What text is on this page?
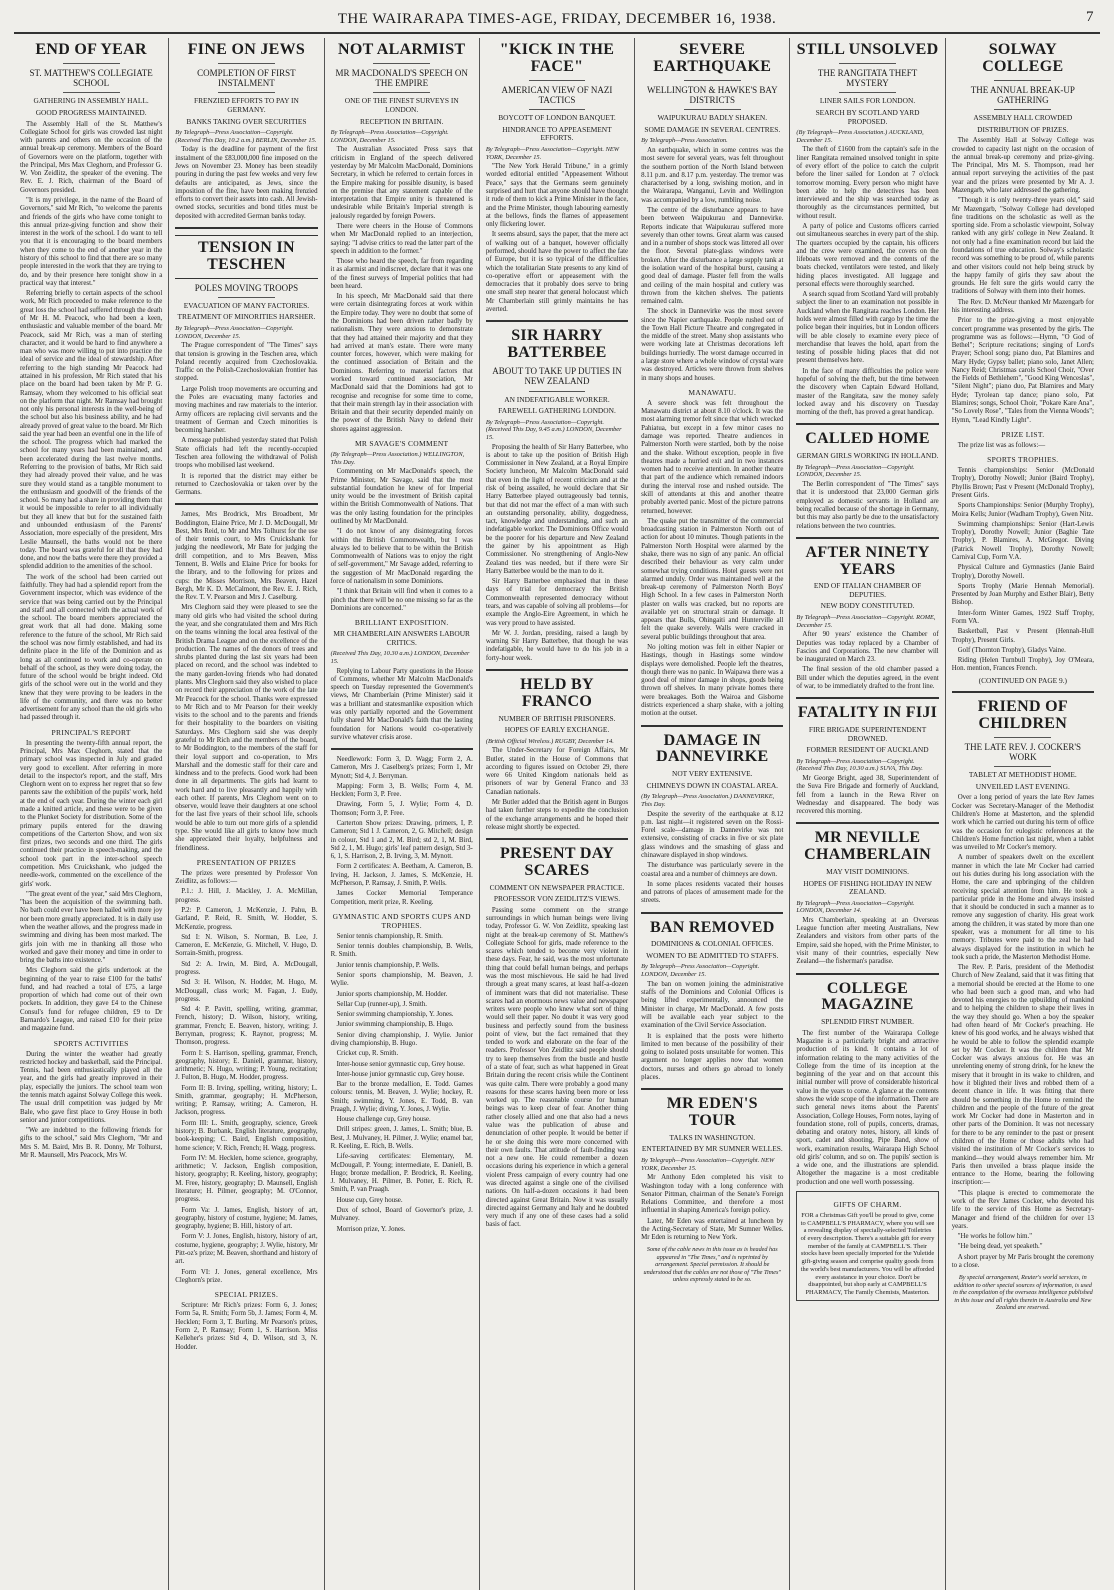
THE WAIRARAPA TIMES-AGE, FRIDAY, DECEMBER 16, 1938.	7
END OF YEAR
ST. MATTHEW'S COLLEGIATE SCHOOL
GATHERING IN ASSEMBLY HALL.
GOOD PROGRESS MAINTAINED.

The Assembly Hall of the St. Matthew's Collegiate School for girls was crowded last night with parents and others on the occasion of the annual break-up ceremony. Members of the Board of Governors were on the platform, together with the Principal, Mrs Max Cleghorn, and Professor G. W. Von Zeidlitz, the speaker of the evening. The Rev. E. J. Rich, chairman of the Board of Governors presided.

"It is my privilege, in the name of the Board of Governors," said Mr Rich, "to welcome the parents and friends of the girls who have come tonight to this annual prize-giving function and show their interest in the work of the school. I do want to tell you that it is encouraging to the board members when they come to the end of another year in the history of this school to find that there are so many people interested in the work that they are trying to do, and by their presence here tonight show in a practical way that interest."

Referring briefly to certain aspects of the school work, Mr Rich proceeded to make reference to the great loss the school had suffered through the death of Mr H. M. Peacock, who had been a keen, enthusiastic and valuable member of the board. Mr Peacock, said Mr Rich, was a man of sterling character, and it would be hard to find anywhere a man who was more willing to put into practice the ideal of service and the ideal of stewardship. After referring to the high standing Mr Peacock had attained in his profession, Mr Rich stated that his place on the board had been taken by Mr P. G. Ramsay, whom they welcomed to his official seat on the platform that night. Mr Ramsay had brought not only his personal interests in the well-being of the school but also his business ability, and he had already proved of great value to the board. Mr Rich said the year had been an eventful one in the life of the school. The progress which had marked the school for many years had been maintained, and been accelerated during the last twelve months. Referring to the provision of baths, Mr Rich said they had already proved their value, and he was sure they would stand as a tangible monument to the enthusiasm and goodwill of the friends of the school. So many had a share in providing them that it would be impossible to refer to all individually but they all knew that but for the sustained faith and unbounded enthusiasm of the Parents' Association, more especially of the president, Mrs Leslie Maunsell, the baths would not be there today. The board was grateful for all that they had done, and now the baths were there they provided a splendid addition to the amenities of the school.

The work of the school had been carried out faithfully. They had had a splendid report from the Government inspector, which was evidence of the service that was being carried out by the Principal and staff and all connected with the actual work of the school. The board members appreciated the great work that all had done. Making some reference to the future of the school, Mr Rich said the school was now firmly established, and had its definite place in the life of the Dominion and as long as all continued to work and co-operate on behalf of the school, as they were doing today, the future of the school would be bright indeed. Old girls of the school were out in the world and they knew that they were proving to be leaders in the life of the community, and there was no better advertisement for any school than the old girls who had passed through it.

PRINCIPAL'S REPORT

In presenting the twenty-fifth annual report, the Principal, Mrs Max Cleghorn, stated that the primary school was inspected in July and graded very good to excellent. After referring in more detail to the inspector's report, and the staff, Mrs Cleghorn went on to express her regret that so few parents saw the exhibition of the pupils' work, held at the end of each year. During the winter each girl made a knitted article, and these were to be given to the Plunket Society for distribution. Some of the primary pupils entered for the drawing competitions of the Carterton Show, and won six first prizes, two seconds and one third. The girls continued their practice in speech-making, and the school took part in the inter-school speech competition. Mrs Cruickshank, who judged the needle-work, commented on the excellence of the girls' work.

"The great event of the year," said Mrs Cleghorn, "has been the acquisition of the swimming bath. No bath could ever have been hailed with more joy nor been more greatly appreciated. It is in daily use when the weather allows, and the progress made in swimming and diving has been most marked. The girls join with me in thanking all those who worked and gave their money and time in order to bring the baths into existence."

Mrs Cleghorn said the girls undertook at the beginning of the year to raise £100 for the baths' fund, and had reached a total of £75, a large proportion of which had come out of their own pockets. In addition, they gave £4 to the Chinese Consul's fund for refugee children, £9 to Dr Barnardo's League, and raised £10 for their prize and magazine fund.

SPORTS ACTIVITIES

During the winter the weather had greatly restricted hockey and basketball, said the Principal. Tennis, had been enthusiastically played all the year, and the girls had greatly improved in their play, especially the juniors. The school team won the tennis match against Solway College this week. The usual drill competition was judged by Mr Bale, who gave first place to Grey House in both senior and junior competitions.

"We are indebted to the following friends for gifts to the school," said Mrs Cleghorn, "Mr and Mrs S. M. Baird, Mrs B. R. Donny, Mr Tolhurst, Mr R. Maunsell, Mrs Peacock, Mrs W.

FINE ON JEWS
COMPLETION OF FIRST INSTALMENT
FRENZIED EFFORTS TO PAY IN GERMANY.
BANKS TAKING OVER SECURITIES
By Telegraph—Press Association—Copyright. (Received This Day, 10.2 a.m.) BERLIN, December 15.

Today is the deadline for payment of the first instalment of the £83,000,000 fine imposed on the Jews on November 23. Money has been steadily pouring in during the past few weeks and very few defaults are anticipated, as Jews, since the imposition of the fine, have been making frenzied efforts to convert their assets into cash. All Jewish-owned stocks, securities and bond titles must be deposited with accredited German banks today.

TENSION IN TESCHEN
POLES MOVING TROOPS
EVACUATION OF MANY FACTORIES.
TREATMENT OF MINORITIES HARSHER.
By Telegraph—Press Association—Copyright. LONDON, December 15.

The Prague correspondent of "The Times" says that tension is growing in the Teschen area, which Poland recently acquired from Czechoslovakia. Traffic on the Polish-Czechoslovakian frontier has stopped.

Large Polish troop movements are occurring and the Poles are evacuating many factories and moving machines and raw materials to the interior. Army officers are replacing civil servants and the treatment of German and Czech minorities is becoming harsher.

A message published yesterday stated that Polish State officials had left the recently-occupied Teschen area following the withdrawal of Polish troops who mobilised last weekend.

It is reported that the district may either be returned to Czechoslovakia or taken over by the Germans.

James, Mrs Brodrick, Mrs Broadbent, Mr Boddington, Elaine Price, Mr J. D. McDougall, Mr Best, Mrs Reid, to Mr and Mrs Tolhurst for the use of their tennis court, to Mrs Cruickshank for judging the needlework, Mr Bate for judging the drill competition, and to Mrs Beaven, Miss Tennent, B. Wells and Elaine Price for books for the library, and to the following for prizes and cups: the Misses Morrison, Mrs Beaven, Hazel Bergh, Mr K. D. McCalmont, the Rev. E. J. Rich, the Rev. T. V. Pearson and Mrs J. Caselburg.

Mrs Cleghorn said they were pleased to see the many old girls who had visited the school during the year, and she congratulated them and Mrs Rich on the teams winning the local area festival of the British Drama League and on the excellence of the production. The names of the donors of trees and shrubs planted during the last six years had been placed on record, and the school was indebted to the many garden-loving friends who had donated plants. Mrs Cleghorn said they also wished to place on record their appreciation of the work of the late Mr Peacock for the school. Thanks were expressed to Mr Rich and to Mr Pearson for their weekly visits to the school and to the parents and friends for their hospitality to the boarders on visiting Saturdays. Mrs Cleghorn said she was deeply grateful to Mr Rich and the members of the board, to Mr Boddington, to the members of the staff for their loyal support and co-operation, to Mrs Marshall and the domestic staff for their care and kindness and to the prefects. Good work had been done in all departments. The girls had learnt to work hard and to live pleasantly and happily with each other. If parents, Mrs Cleghorn went on to observe, would leave their daughters at one school for the last five years of their school life, schools would be able to turn out more girls of a splendid type. She would like all girls to know how much she appreciated their loyalty, helpfulness and friendliness.

PRESENTATION OF PRIZES

The prizes were presented by Professor Von Zeidlitz, as follows:—

P.1.: J. Hill, J. Mackley, J. A. McMillan, progress.

P.2: P. Cameron, J. McKenzie, J. Pahu, B. Garland, P. Reid, R. Smith, W. Hodder, S. McKenzie, progress.

Std I: N. Wilson, S. Norman, B. Lee, J. Cameron, E. McKenzie, G. Mitchell, V. Hugo, D. Sorrain-Smith, progress.

Std 2: A. Irwin, M. Bird, A. McDougall, progress.

Std 3: H. Wilson, N. Hodder, M. Hugo, M. McDougall, class work; M. Fagan, J. Eudy, progress.

Std 4: P. Pavitt, spelling, writing, grammar, French, history; D. Wilson, history, writing, grammar, French; E. Beaven, history, writing; J. Berryman, progress; K. Raynor, progress; M. Thomson, progress.

Form I: S. Harrison, spelling, grammar, French, geography, history; E. Daniell, grammar, history, arithmetic; N. Hugo, writing; P. Young, recitation; J. Fulton, B. Hugo, M. Hodder, progress.

Form II: B. Irving, spelling, writing, history; L. Smith, grammar, geography; H. McPherson, writing; P. Ramsay, writing; A. Cameron, H. Jackson, progress.

Form III: L. Smith, geography, science, Greek history; B. Burbank, English literature, geography, book-keeping; C. Baird, English composition, home science; V. Rich, French; H. Wagg, progress.

Form IV: M. Hecklen, home science, geography, arithmetic; V. Jackson, English composition, history, geography; R. Keeling, history, geography; M. Free, history, geography; D. Maunsell, English literature; H. Pilmer, geography; M. O'Connor, progress.

Form Va: J. James, English, history of art, geography, history of costume, hygiene; M. James, geography, hygiene; B. Hill, history of art.

Form V: J. Jones, English, history, history of art, costume, hygiene, geography; J. Wylie, history, Mr Pitt-oz's prize; M. Beaven, shorthand and history of art.

Form VI: J. Jones, general excellence, Mrs Cleghorn's prize.

SPECIAL PRIZES.

Scripture: Mr Rich's prizes: Form 6, J. Jones; Form 5a, R. Smith; Form 5b, J. James; Form 4, M. Hecklen; Form 3, T. Burling. Mr Pearson's prizes, Form 2, P. Ramsay; Form 1, S. Harrison. Miss Kelleher's prizes: Std 4, D. Wilson, std 3, N. Hodder.

NOT ALARMIST
MR MACDONALD'S SPEECH ON THE EMPIRE
ONE OF THE FINEST SURVEYS IN LONDON.
RECEPTION IN BRITAIN.
By Telegraph—Press Association—Copyright. LONDON, December 15.

The Australian Associated Press says that criticism in England of the speech delivered yesterday by Mr Malcolm MacDonald, Dominions Secretary, in which he referred to certain forces in the Empire making for possible disunity, is based on the premise that any statement capable of the interpretation that Empire unity is threatened is undesirable while Britain's Imperial strength is jealously regarded by foreign Powers.

There were cheers in the House of Commons when Mr MacDonald replied to an interjection, saying: "I advise critics to read the latter part of the speech in addition to the former."

Those who heard the speech, far from regarding it as alarmist and indiscreet, declare that it was one of the finest surveys of Imperial politics that had been heard.

In his speech, Mr MacDonald said that there were certain disintegrating forces at work within the Empire today. They were no doubt that some of the Dominions had been driven rather badly by nationalism. They were anxious to demonstrate that they had attained their majority and that they had arrived at man's estate. There were many counter forces, however, which were making for the continued association of Britain and the Dominions. Referring to material factors that worked toward continued association, Mr MacDonald said that the Dominions had got to recognise and recognise for some time to come, that their main strength lay in their association with Britain and that their security depended mainly on the power of the British Navy to defend their shores against aggression.

MR SAVAGE'S COMMENT
(By Telegraph—Press Association.) WELLINGTON, This Day.

Commenting on Mr MacDonald's speech, the Prime Minister, Mr Savage, said that the most substantial foundation he knew of for Imperial unity would be the investment of British capital within the British Commonwealth of Nations. That was the only lasting foundation for the principles outlined by Mr MacDonald.

"I do not know of any disintegrating forces within the British Commonwealth, but I was always led to believe that to be within the British Commonwealth of Nations was to enjoy the right of self-government," Mr Savage added, referring to the suggestion of Mr MacDonald regarding the force of nationalism in some Dominions.

"I think that Britain will find when it comes to a pinch that there will be no one missing so far as the Dominions are concerned."

BRILLIANT EXPOSITION.
MR CHAMBERLAIN ANSWERS LABOUR CRITICS.
(Received This Day, 10.30 a.m.) LONDON, December 15.

Replying to Labour Party questions in the House of Commons, whether Mr Malcolm MacDonald's speech on Tuesday represented the Government's views, Mr Chamberlain (Prime Minister) said it was a brilliant and statesmanlike exposition which was only partially reported and the Government fully shared Mr MacDonald's faith that the lasting foundation for Nations would co-operatively survive whatever crisis arose.

Needlework: Form 3, D. Wagg; Form 2, A. Cameron, Mrs J. Caselberg's prizes; Form 1, Mr Mynott; Std 4, J. Berryman.

Mapping: Form 3, B. Wells; Form 4, M. Hecklen; Form 3, P. Free.

Drawing, Form 5, J. Wylie; Form 4, D. Thomson; Form 3, P. Free.

Carterton Show prizes: Drawing, primers, I, P. Cameron; Std 1 J. Cameron, 2, G. Mitchell; design in colour, Std 1 and 2, M. Bird; std 2, 1, M. Bird, Std 2, 1, M. Hugo; girls' leaf pattern design, Std 3-6, 1, S. Harrison, 2, B. Irving, 3, M. Mynott.

Form 2 certificates: A. Beetham, A. Cameron, B. Irving, H. Jackson, J. James, S. McKenzie, H. McPherson, P. Ramsay, J. Smith, P. Wells.

James Cocker Memorial Temperance Competition, merit prize, R. Keeling.

GYMNASTIC AND SPORTS CUPS AND TROPHIES.

Senior tennis championship, R. Smith.

Senior tennis doubles championship, B. Wells, R. Smith.

Junior tennis championship, P. Wells.

Senior sports championship, M. Beaven, J. Wylie.

Junior sports championship, M. Hodder.

Sellar Cup (runner-up), J. Smith.

Senior swimming championship, Y. Jones.

Junior swimming championship, B. Hugo.

Senior diving championship, J. Wylie. Junior diving championship, B. Hugo.

Cricket cup, R. Smith.

Inter-house senior gymnastic cup, Grey house.

Inter-house junior gymnastic cup, Grey house.

Bar to the bronze medallion, E. Todd. Games colours: tennis, M. Beaven, J. Wylie; hockey, R. Smith; swimming, Y. Jones, E. Todd, B. van Praagh, J. Wylie; diving, Y. Jones, J. Wylie.

House challenge cup, Grey house.

Drill stripes: green, J. James, L. Smith; blue, B. Best, J. Mulvaney, H. Pilmer, J. Wylie; enamel bar, R. Keeling, E. Rich, B. Wells.

Life-saving certificates: Elementary, M. McDougall, P. Young; intermediate, E. Daniell, B. Hugo; bronze medallion, P. Brodrick, R. Keeling, J. Mulvaney, H. Pilmer, B. Potter, E. Rich, R. Smith, P. van Praagh.

House cup, Grey house.

Dux of school, Board of Governor's prize, J. Mulvaney.

Morrison prize, Y. Jones.

"KICK IN THE FACE"
AMERICAN VIEW OF NAZI TACTICS
BOYCOTT OF LONDON BANQUET.
HINDRANCE TO APPEASEMENT EFFORTS.
By Telegraph—Press Association—Copyright. NEW YORK, December 15.

"The New York Herald Tribune," in a grimly worded editorial entitled "Appeasement Without Peace," says that the Germans seem genuinely surprised and hurt that anyone should have thought it rude of them to kick a Prime Minister in the face, and the Prime Minister, though labouring earnestly at the bellows, finds the flames of appeasement only flickering lower.

It seems absurd, says the paper, that the mere act of walking out of a banquet, however officially performed, should have the power to affect the fate of Europe, but it is so typical of the difficulties which the totalitarian State presents to any kind of co-operative effort or appeasement with the democracies that it probably does serve to bring one small step nearer that general holocaust which Mr Chamberlain still grimly maintains he has averted.

SIR HARRY BATTERBEE
ABOUT TO TAKE UP DUTIES IN NEW ZEALAND
AN INDEFATIGABLE WORKER.
FAREWELL GATHERING LONDON.
By Telegraph—Press Association—Copyright. (Received This Day, 9.45 a.m.) LONDON, December 15.

Proposing the health of Sir Harry Batterbee, who is about to take up the position of British High Commissioner in New Zealand, at a Royal Empire Society luncheon, Mr Malcolm MacDonald said that even in the light of recent criticism and at the risk of being assailed, he would declare that Sir Harry Batterbee played outrageously bad tennis, but that did not mar the effect of a man with such an outstanding personality, ability, doggedness, tact, knowledge and understanding, and such an indefatigable worker. The Dominions Office would be the poorer for his departure and New Zealand the gainer by his appointment as High Commissioner. No strengthening of Anglo-New Zealand ties was needed, but if there were Sir Harry Batterbee would be the man to do it.

Sir Harry Batterbee emphasised that in these days of trial for democracy the British Commonwealth represented democracy without tears, and was capable of solving all problems—for example the Anglo-Eire Agreement, in which he was very proud to have assisted.

Mr W. J. Jordan, presiding, raised a laugh by warning Sir Harry Batterbee, that though he was indefatigable, he would have to do his job in a forty-hour week.

HELD BY FRANCO
NUMBER OF BRITISH PRISONERS.
HOPES OF EARLY EXCHANGE.
(British Official Wireless.) RUGBY, December 14.

The Under-Secretary for Foreign Affairs, Mr Butler, stated in the House of Commons that according to figures issued on October 29, there were 66 United Kingdom nationals held as prisoners of war by General Franco and 33 Canadian nationals.

Mr Butler added that the British agent in Burgos had taken further steps to expedite the conclusion of the exchange arrangements and he hoped their release might shortly be expected.

PRESENT DAY SCARES
COMMENT ON NEWSPAPER PRACTICE.
PROFESSOR VON ZEIDLITZ'S VIEWS.

Passing some comment on the strange surroundings in which human beings were living today, Professor G. W. Von Zeidlitz, speaking last night at the break-up ceremony of St. Matthew's Collegiate School for girls, made reference to the scares which tended to become very violent in these days. Fear, he said, was the most unfortunate thing that could befall human beings, and perhaps was the most mischievous. He said he had lived through a great many scares, at least half-a-dozen of imminent wars that did not materialise. These scares had an enormous news value and newspaper writers were people who knew what sort of thing would sell their paper. No doubt it was very good business and perfectly sound from the business point of view, but the fact remained that they tended to work and elaborate on the fear of the readers. Professor Von Zeidlitz said people should try to keep themselves from the bustle and hustle of a state of fear, such as what happened in Great Britain during the recent crisis while the Continent was quite calm. There were probably a good many reasons for these scares having been more or less worked up. The reasonable course for human beings was to keep clear of fear. Another thing rather closely allied and one that also had a news value was the publication of abuse and denunciation of other people. It would be better if he or she doing this were more concerned with their own faults. That attitude of fault-finding was not a new one. He could remember a dozen occasions during his experience in which a general violent Press campaign of every country had one was directed against a single one of the civilised nations. On half-a-dozen occasions it had been directed against Great Britain. Now it was usually directed against Germany and Italy and he doubted very much if any one of these cases had a solid basis of fact.

SEVERE EARTHQUAKE
WELLINGTON & HAWKE'S BAY DISTRICTS
WAIPUKURAU BADLY SHAKEN.
SOME DAMAGE IN SEVERAL CENTRES.
By Telegraph—Press Association.

An earthquake, which in some centres was the most severe for several years, was felt throughout the southern portion of the North Island between 8.11 p.m. and 8.17 p.m. yesterday. The tremor was characterised by a long, swishing motion, and in the Wairarapa, Wanganui, Levin and Wellington was accompanied by a low, rumbling noise.

The centre of the disturbance appears to have been between Waipukurau and Dannevirke. Reports indicate that Waipukurau suffered more severely than other towns. Great alarm was caused and in a number of shops stock was littered all over the floor. Several plate-glass windows were broken. After the disturbance a large supply tank at the isolation ward of the hospital burst, causing a good deal of damage. Plaster fell from the walls and ceiling of the main hospital and cutlery was thrown from the kitchen shelves. The patients remained calm.

The shock in Dannevirke was the most severe since the Napier earthquake. People rushed out of the Town Hall Picture Theatre and congregated in the middle of the street. Many shop assistants who were working late at Christmas decorations left buildings hurriedly. The worst damage occurred in a large store where a whole window of crystal ware was destroyed. Articles were thrown from shelves in many shops and houses.

MANAWATU.

A severe shock was felt throughout the Manawatu district at about 8.10 o'clock. It was the most alarming tremor felt since that which wrecked Pahiatua, but except in a few minor cases no damage was reported. Theatre audiences in Palmerston North were startled, both by the noise and the shake. Without exception, people in five theatres made a hurried exit and in two instances women had to receive attention. In another theatre that part of the audience which remained indoors during the interval rose and rushed outside. The skill of attendants at this and another theatre probably averted panic. Most of the picture patrons returned, however.

The quake put the transmitter of the commercial broadcasting station in Palmerston North out of action for about 10 minutes. Though patients in the Palmerston North Hospital were alarmed by the shake, there was no sign of any panic. An official described their behaviour as very calm under somewhat trying conditions. Hotel guests were not alarmed unduly. Order was maintained well at the break-up ceremony of Palmerston North Boys' High School. In a few cases in Palmerston North plaster on walls was cracked, but no reports are available yet on structural strain or damage. It appears that Bulls, Ohingaiti and Hunterville all felt the quake severely. Walls were cracked in several public buildings throughout that area.

No jolting motion was felt in either Napier or Hastings, though in Hastings some window displays were demolished. People left the theatres, though there was no panic. In Waipawa there was a good deal of minor damage in shops, goods being thrown off shelves. In many private homes there were breakages. Both the Wairoa and Gisborne districts experienced a sharp shake, with a jolting motion at the outset.

DAMAGE IN DANNEVIRKE
NOT VERY EXTENSIVE.
CHIMNEYS DOWN IN COASTAL AREA.
(By Telegraph—Press Association.) DANNEVIRKE, This Day.

Despite the severity of the earthquake at 8.12 p.m. last night—it registered seven on the Rossi-Forel scale—damage in Dannevirke was not extensive, consisting of cracks in five or six plate glass windows and the smashing of glass and chinaware displayed in shop windows.

The disturbance was particularly severe in the coastal area and a number of chimneys are down.

In some places residents vacated their houses and patrons of places of amusement made for the streets.

BAN REMOVED
DOMINIONS & COLONIAL OFFICES.
WOMEN TO BE ADMITTED TO STAFFS.
By Telegraph—Press Association—Copyright. LONDON, December 15.

The ban on women joining the administrative staffs of the Dominions and Colonial Offices is being lifted experimentally, announced the Minister in charge, Mr MacDonald. A few posts will be available each year subject to the examination of the Civil Service Association.

It is explained that the posts were hitherto limited to men because of the possibility of their going to isolated posts unsuitable for women. This argument no longer applies now that women doctors, nurses and others go abroad to lonely places.

MR EDEN'S TOUR
TALKS IN WASHINGTON.
ENTERTAINED BY MR SUMNER WELLES.
By Telegraph—Press Association—Copyright. NEW YORK, December 15.

Mr Anthony Eden completed his visit to Washington today with a long conference with Senator Pittman, chairman of the Senate's Foreign Relations Committee, and therefore a most influential in shaping America's foreign policy.

Later, Mr Eden was entertained at luncheon by the Acting-Secretary of State, Mr Sumner Welles. Mr Eden is returning to New York.

Some of the cable news in this issue as is headed has appeared in "The Times," and is reprinted by arrangement. Special permission. It should be understood that the cables are not those of "The Times" unless expressly stated to be so.
STILL UNSOLVED
THE RANGITATA THEFT MYSTERY
LINER SAILS FOR LONDON.
SEARCH BY SCOTLAND YARD PROPOSED.
(By Telegraph—Press Association.) AUCKLAND, December 15.

The theft of £1600 from the captain's safe in the liner Rangitata remained unsolved tonight in spite of every effort of the police to catch the culprit before the liner sailed for London at 7 o'clock tomorrow morning. Every person who might have been able to help the detectives has been interviewed and the ship was searched today as thoroughly as the circumstances permitted, but without result.

A party of police and Customs officers carried out simultaneous searches in every part of the ship. The quarters occupied by the captain, his officers and the crew were examined, the covers on the lifeboats were removed and the contents of the boats checked, ventilators were tested, and likely hiding places investigated. All luggage and personal effects were thoroughly searched.

A search squad from Scotland Yard will probably subject the liner to an examination not possible in Auckland when the Rangitata reaches London. Her holds were almost filled with cargo by the time the police began their inquiries, but in London officers will be able closely to examine every piece of merchandise that leaves the hold, apart from the testing of possible hiding places that did not present themselves here.

In the face of many difficulties the police were hopeful of solving the theft, but the time between the discovery when Captain Edward Holland, master of the Rangitata, saw the money safely locked away and his discovery on Tuesday morning of the theft, has proved a great handicap.

CALLED HOME
GERMAN GIRLS WORKING IN HOLLAND.
By Telegraph—Press Association—Copyright. LONDON, December 15.

The Berlin correspondent of "The Times" says that it is understood that 23,000 German girls employed as domestic servants in Holland are being recalled because of the shortage in Germany, but this may also partly be due to the unsatisfactory relations between the two countries.

AFTER NINETY YEARS
END OF ITALIAN CHAMBER OF DEPUTIES.
NEW BODY CONSTITUTED.
By Telegraph—Press Association—Copyright. ROME, December 15.

After 90 years' existence the Chamber of Deputies was today replaced by a Chamber of Fascios and Corporations. The new chamber will be inaugurated on March 23.

The final session of the old chamber passed a Bill under which the deputies agreed, in the event of war, to be immediately drafted to the front line.

FATALITY IN FIJI
FIRE BRIGADE SUPERINTENDENT DROWNED.
FORMER RESIDENT OF AUCKLAND
By Telegraph—Press Association—Copyright. (Received This Day, 10.30 a.m.) SUVA, This Day.

Mr George Bright, aged 38, Superintendent of the Suva Fire Brigade and formerly of Auckland, fell from a launch in the Rewa River on Wednesday and disappeared. The body was recovered this morning.

MR NEVILLE CHAMBERLAIN
MAY VISIT DOMINIONS.
HOPES OF FISHING HOLIDAY IN NEW ZEALAND.
By Telegraph—Press Association—Copyright. LONDON, December 14.

Mrs Chamberlain, speaking at an Overseas League function after meeting Australians, New Zealanders and visitors from other parts of the Empire, said she hoped, with the Prime Minister, to visit many of their countries, especially New Zealand—the fisherman's paradise.

COLLEGE MAGAZINE
SPLENDID FIRST NUMBER.

The first number of the Wairarapa College Magazine is a particularly bright and attractive production of its kind. It contains a lot of information relating to the many activities of the College from the time of its inception at the beginning of the year and on that account this initial number will prove of considerable historical value in the years to come. A glance at the contents shows the wide scope of the information. There are such general news items about the Parents' Association, College Houses, Form notes, laying of foundation stone, roll of pupils, concerts, dramas, debating and oratory notes, history, all kinds of sport, cadet and shooting, Pipe Band, show of work, examination results, Wairarapa High School old girls' column, and so on. The pupils' section is a wide one, and the illustrations are splendid. Altogether the magazine is a most creditable production and one well worth possessing.

GIFTS OF CHARM.
FOR a Christmas Gift you'll be proud to give, come to CAMPBELL'S PHARMACY, where you will see a revealing display of specially-selected Toiletries of every description. There's a suitable gift for every member of the family at CAMPBELL'S. Their stocks have been specially imported for the Yuletide gift-giving season and comprise quality goods from the world's best manufacturers. You will be afforded every assistance in your choice. Don't be disappointed, but shop early at CAMPBELL'S PHARMACY, The Family Chemists, Masterton.
SOLWAY COLLEGE
THE ANNUAL BREAK-UP GATHERING
ASSEMBLY HALL CROWDED
DISTRIBUTION OF PRIZES.

The Assembly Hall at Solway College was crowded to capacity last night on the occasion of the annual break-up ceremony and prize-giving. The Principal, Mrs M. S. Thompson, read her annual report surveying the activities of the past year and the prizes were presented by Mr A. J. Mazengarb, who later addressed the gathering.

"Though it is only twenty-three years old," said Mr Mazengarb, "Solway College had developed fine traditions on the scholastic as well as the sporting side. From a scholastic viewpoint, Solway ranked with any girls' college in New Zealand. It not only had a fine examination record but laid the foundations of true education. Solway's scholastic record was something to be proud of, while parents and other visitors could not help being struck by the happy family of girls they saw about the grounds. He felt sure the girls would carry the traditions of Solway with them into their homes.

The Rev. D. McNeur thanked Mr Mazengarb for his interesting address.

Prior to the prize-giving a most enjoyable concert programme was presented by the girls. The programme was as follows:—Hymn, "O God of Bethel"; Scripture recitations; singing of Lord's Prayer; School song; piano duo, Pat Blamires and Mary Hyde; Gypsy ballet; piano solo, Janet Allen; Nancy Reid; Christmas carols School Choir, "Over the Fields of Bethlehem", "Good King Wenceslas", "Silent Night"; piano duo, Pat Blamires and Mary Hyde; Tyrolean tap dance; piano solo, Pat Blamires; songs, School Choir, "Pokare Kare Ana", "So Lovely Rose", "Tales from the Vienna Woods"; Hymn, "Lead Kindly Light".

PRIZE LIST.

The prize list was as follows:—

SPORTS TROPHIES.

Tennis championships: Senior (McDonald Trophy), Dorothy Nowell; Junior (Baird Trophy), Phyllis Brown; Past v Present (McDonald Trophy), Present Girls.

Sports Championships: Senior (Murphy Trophy), Moira Kells; Junior (Wadham Trophy), Gwen Nitz.

Swimming championships: Senior (Hart-Lewis Trophy), Dorothy Nowell; Junior (Baghie Tate Trophy), P. Blamires, A. McGregor. Diving (Patrick Nowell Trophy), Dorothy Nowell; Carnival Cup, Form V.A.

Physical Culture and Gymnastics (Janie Baird Trophy), Dorothy Nowell.

Sports Trophy (Marie Hennah Memorial). Presented by Joan Murphy and Esther Blair), Betty Bishop.

Inter-form Winter Games, 1922 Staff Trophy, Form VA.

Basketball, Past v Present (Hennah-Hull Trophy), Present Girls.

Golf (Thornton Trophy), Gladys Vaine.

Riding (Helen Turnbull Trophy), Joy O'Meara, Hon. mention, Frances French.

(CONTINUED ON PAGE 9.)
FRIEND OF CHILDREN
THE LATE REV. J. COCKER'S WORK
TABLET AT METHODIST HOME.
UNVEILED LAST EVENING.

Over a long period of years the late Rev James Cocker was Secretary-Manager of the Methodist Children's Home at Masterton, and the splendid work which he carried out during his term of office was the occasion for eulogistic references at the Children's Home function last night, when a tablet was unveiled to Mr Cocker's memory.

A number of speakers dwelt on the excellent manner in which the late Mr Cocker had carried out his duties during his long association with the Home, the care and upbringing of the children receiving special attention from him. He took a particular pride in the Home and always insisted that it should be conducted in such a manner as to remove any suggestion of charity. His great work among the children, it was stated by more than one speaker, was a monument for all time to his memory. Tributes were paid to the zeal he had always displayed for the institution in which he took such a pride, the Masterton Methodist Home.

The Rev. P. Paris, president of the Methodist Church of New Zealand, said that it was fitting that a memorial should be erected at the Home to one who had been such a good man, and who had devoted his energies to the upbuilding of mankind and to helping the children to shape their lives in the way they should go. When a boy the speaker had often heard of Mr Cocker's preaching. He knew of his good works, and he always wished that he would be able to follow the splendid example set by Mr Cocker. It was the children that Mr Cocker was always anxious for. He was an unrelenting enemy of strong drink, for he knew the misery that it brought in its wake to children, and how it blighted their lives and robbed them of a decent chance in life. It was fitting that there should be something in the Home to remind the children and the people of the future of the great work Mr Cocker had done in Masterton and in other parts of the Dominion. It was not necessary for there to be any reminder to the past or present children of the Home or those adults who had visited the institution of Mr Cocker's services to mankind—they would always remember him. Mr Paris then unveiled a brass plaque inside the entrance to the Home, bearing the following inscription:—

"This plaque is erected to commemorate the work of the Rev James Cocker, who devoted his life to the service of this Home as Secretary-Manager and friend of the children for over 13 years.

"He works he follow him."

"He being dead, yet speaketh."

A short prayer by Mr Paris brought the ceremony to a close.

By special arrangement, Reuter's world services, in addition to other special sources of information, is used in the compilation of the overseas intelligence published in this issue and all rights therein in Australia and New Zealand are reserved.
